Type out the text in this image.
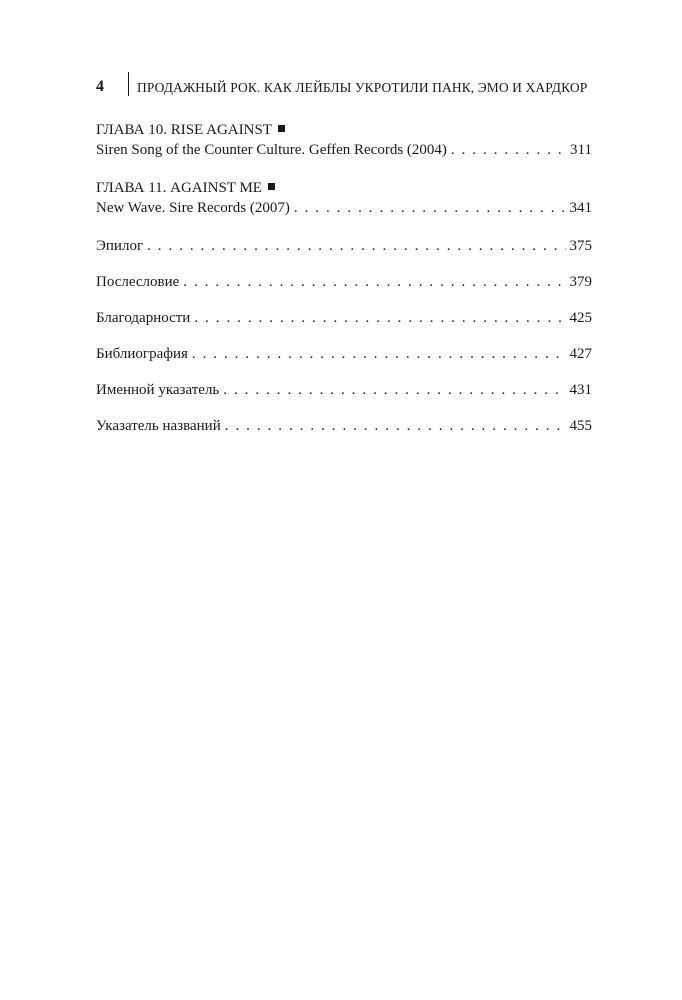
4	ПРОДАЖНЫЙ РОК. КАК ЛЕЙБЛЫ УКРОТИЛИ ПАНК, ЭМО И ХАРДКОР
ГЛАВА 10. RISE AGAINST
Siren Song of the Counter Culture. Geffen Records (2004) . . .	311
ГЛАВА 11. AGAINST ME
New Wave. Sire Records (2007) . . .	341
Эпилог . . .	375
Послесловие . . .	379
Благодарности . . .	425
Библиография . . .	427
Именной указатель . . .	431
Указатель названий . . .	455
